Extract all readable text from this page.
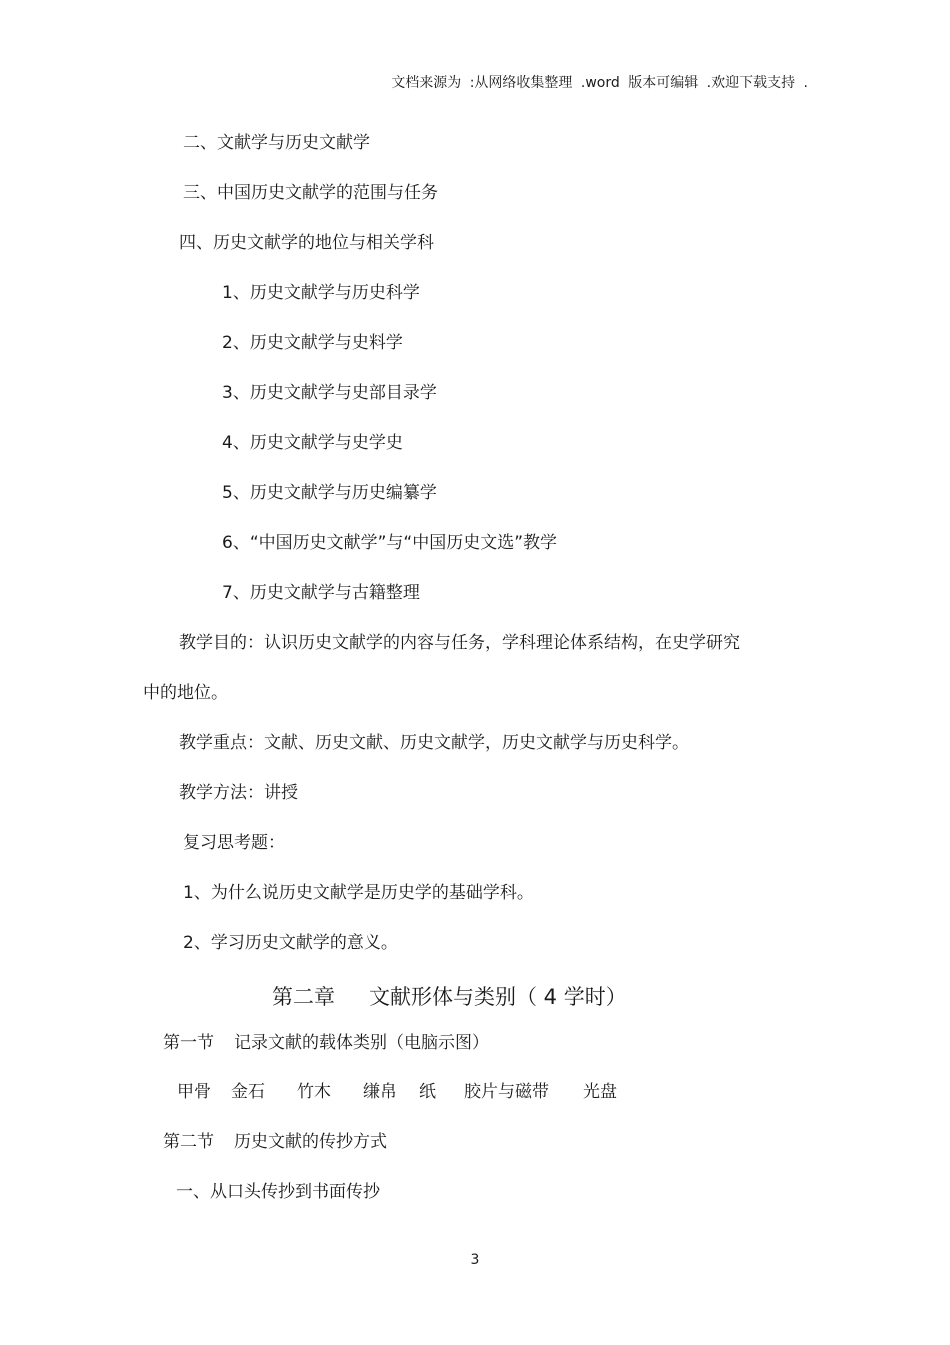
文档来源为 :从网络收集整理 .word 版本可编辑 .欢迎下载支持 .
二、文献学与历史文献学
三、中国历史文献学的范围与任务
四、历史文献学的地位与相关学科
1、历史文献学与历史科学
2、历史文献学与史料学
3、历史文献学与史部目录学
4、历史文献学与史学史
5、历史文献学与历史编纂学
6、“中国历史文献学”与“中国历史文选”教学
7、历史文献学与古籍整理
教学目的：认识历史文献学的内容与任务，学科理论体系结构，在史学研究
中的地位。
教学重点：文献、历史文献、历史文献学，历史文献学与历史科学。
教学方法：讲授
复习思考题：
1、为什么说历史文献学是历史学的基础学科。
2、学习历史文献学的意义。
第二章 文献形体与类别（ 4 学时）
第一节 记录文献的载体类别（电脑示图）
甲骨 金石 竹木 缣帛 纸 胶片与磁带 光盘
第二节 历史文献的传抄方式
一、从口头传抄到书面传抄
3
